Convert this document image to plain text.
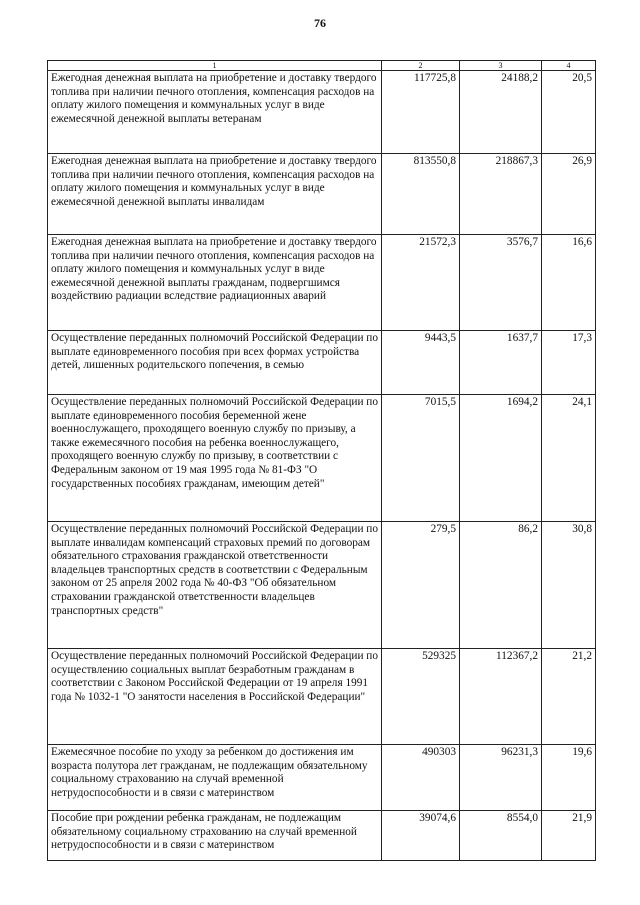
76
1	2	3	4
Ежегодная денежная выплата на приобретение и доставку твердого топлива при наличии печного отопления, компенсация расходов на оплату жилого помещения и коммунальных услуг в виде ежемесячной денежной выплаты ветеранам	117725,8	24188,2	20,5
Ежегодная денежная выплата на приобретение и доставку твердого топлива при наличии печного отопления, компенсация расходов на оплату жилого помещения и коммунальных услуг в виде ежемесячной денежной выплаты инвалидам	813550,8	218867,3	26,9
Ежегодная денежная выплата на приобретение и доставку твердого топлива при наличии печного отопления, компенсация расходов на оплату жилого помещения и коммунальных услуг в виде ежемесячной денежной выплаты гражданам, подвергшимся воздействию радиации вследствие радиационных аварий	21572,3	3576,7	16,6
Осуществление переданных полномочий Российской Федерации по выплате единовременного пособия при всех формах устройства детей, лишенных родительского попечения, в семью	9443,5	1637,7	17,3
Осуществление переданных полномочий Российской Федерации по выплате единовременного пособия беременной жене военнослужащего, проходящего военную службу по призыву, а также ежемесячного пособия на ребенка военнослужащего, проходящего военную службу по призыву, в соответствии с Федеральным законом от 19 мая 1995 года № 81-ФЗ "О государственных пособиях гражданам, имеющим детей"	7015,5	1694,2	24,1
Осуществление переданных полномочий Российской Федерации по выплате инвалидам компенсаций страховых премий по договорам обязательного страхования гражданской ответственности владельцев транспортных средств в соответствии с Федеральным законом от 25 апреля 2002 года № 40-ФЗ "Об обязательном страховании гражданской ответственности владельцев транспортных средств"	279,5	86,2	30,8
Осуществление переданных полномочий Российской Федерации по осуществлению социальных выплат безработным гражданам в соответствии с Законом Российской Федерации от 19 апреля 1991 года № 1032-1 "О занятости населения в Российской Федерации"	529325	112367,2	21,2
Ежемесячное пособие по уходу за ребенком до достижения им возраста полутора лет гражданам, не подлежащим обязательному социальному страхованию на случай временной нетрудоспособности и в связи с материнством	490303	96231,3	19,6
Пособие при рождении ребенка гражданам, не подлежащим обязательному социальному страхованию на случай временной нетрудоспособности и в связи с материнством	39074,6	8554,0	21,9
